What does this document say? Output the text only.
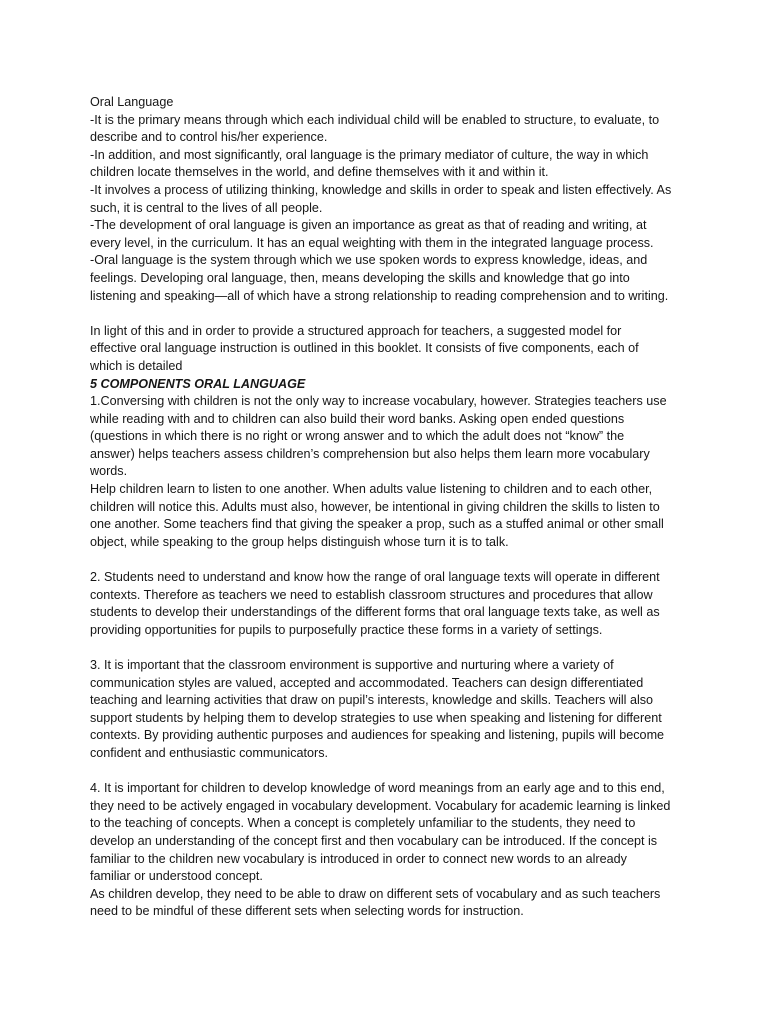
Oral Language
-It is the primary means through which each individual child will be enabled to structure, to evaluate, to
describe and to control his/her experience.
-In addition, and most significantly, oral language is the primary mediator of culture, the way in which
children locate themselves in the world, and define themselves with it and within it.
-It involves a process of utilizing thinking, knowledge and skills in order to speak and listen effectively. As
such, it is central to the lives of all people.
-The development of oral language is given an importance as great as that of reading and writing, at
every level, in the curriculum. It has an equal weighting with them in the integrated language process.
-Oral language is the system through which we use spoken words to express knowledge, ideas, and
feelings. Developing oral language, then, means developing the skills and knowledge that go into
listening and speaking—all of which have a strong relationship to reading comprehension and to writing.
In light of this and in order to provide a structured approach for teachers, a suggested model for
effective oral language instruction is outlined in this booklet. It consists of five components, each of
which is detailed
5 COMPONENTS ORAL LANGUAGE
1.Conversing with children is not the only way to increase vocabulary, however. Strategies teachers use
while reading with and to children can also build their word banks. Asking open ended questions
(questions in which there is no right or wrong answer and to which the adult does not “know” the
answer) helps teachers assess children’s comprehension but also helps them learn more vocabulary
words.
Help children learn to listen to one another. When adults value listening to children and to each other,
children will notice this. Adults must also, however, be intentional in giving children the skills to listen to
one another. Some teachers find that giving the speaker a prop, such as a stuffed animal or other small
object, while speaking to the group helps distinguish whose turn it is to talk.
2. Students need to understand and know how the range of oral language texts will operate in different
contexts. Therefore as teachers we need to establish classroom structures and procedures that allow
students to develop their understandings of the different forms that oral language texts take, as well as
providing opportunities for pupils to purposefully practice these forms in a variety of settings.
3. It is important that the classroom environment is supportive and nurturing where a variety of
communication styles are valued, accepted and accommodated. Teachers can design differentiated
teaching and learning activities that draw on pupil’s interests, knowledge and skills. Teachers will also
support students by helping them to develop strategies to use when speaking and listening for different
contexts. By providing authentic purposes and audiences for speaking and listening, pupils will become
confident and enthusiastic communicators.
4. It is important for children to develop knowledge of word meanings from an early age and to this end,
they need to be actively engaged in vocabulary development. Vocabulary for academic learning is linked
to the teaching of concepts. When a concept is completely unfamiliar to the students, they need to
develop an understanding of the concept first and then vocabulary can be introduced. If the concept is
familiar to the children new vocabulary is introduced in order to connect new words to an already
familiar or understood concept.
As children develop, they need to be able to draw on different sets of vocabulary and as such teachers
need to be mindful of these different sets when selecting words for instruction.
